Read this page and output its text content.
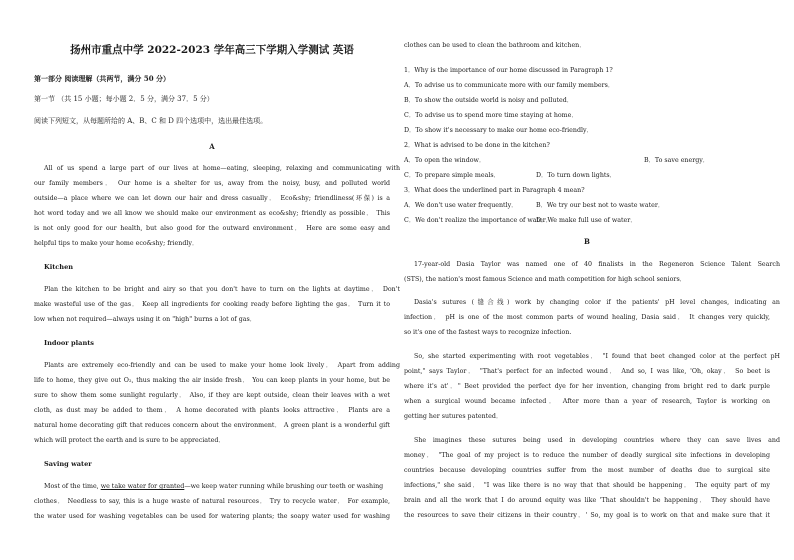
扬州市重点中学 2022-2023 学年高三下学期入学测试 英语
第一部分 阅读理解（共两节，满分 50 分）
第一节 （共 15 小题；每小题 2．5 分，满分 37．5 分）
阅读下列短文，从每题所给的 A、B、C 和 D 四个选项中，选出最佳选项。
A
All of us spend a large part of our lives at home—eating, sleeping, relaxing and communicating with
our family members． Our home is a shelter for us, away from the noisy, busy, and polluted world
outside—a place where we can let down our hair and dress casually． Eco&shy; friendliness(环保) is a
hot word today and we all know we should make our environment as eco&shy; friendly as possible． This
is not only good for our health, but also good for the outward environment． Here are some easy and
helpful tips to make your home eco&shy; friendly．
Kitchen
Plan the kitchen to be bright and airy so that you don't have to turn on the lights at daytime． Don't
make wasteful use of the gas． Keep all ingredients for cooking ready before lighting the gas． Turn it to
low when not required—always using it on "high" burns a lot of gas．
Indoor plants
Plants are extremely eco-friendly and can be used to make your home look lively． Apart from adding
life to home, they give out O₂, thus making the air inside fresh． You can keep plants in your home, but be
sure to show them some sunlight regularly． Also, if they are kept outside, clean their leaves with a wet
cloth, as dust may be added to them． A home decorated with plants looks attractive． Plants are a
natural home decorating gift that reduces concern about the environment． A green plant is a wonderful gift
which will protect the earth and is sure to be appreciated．
Saving water
Most of the time, we take water for granted—we keep water running while brushing our teeth or washing
clothes． Needless to say, this is a huge waste of natural resources． Try to recycle water． For example,
the water used for washing vegetables can be used for watering plants; the soapy water used for washing
clothes can be used to clean the bathroom and kitchen．
1．Why is the importance of our home discussed in Paragraph 1?
A．To advise us to communicate more with our family members．
B．To show the outside world is noisy and polluted．
C．To advise us to spend more time staying at home．
D．To show it's necessary to make our home eco-friendly．
2．What is advised to be done in the kitchen?
A．To open the window．	B．To save energy．
C．To prepare simple meals．	D．To turn down lights．
3．What does the underlined part in Paragraph 4 mean?
A．We don't use water frequently．	B．We try our best not to waste water．
C．We don't realize the importance of water．
D．We make full use of water．
B
17-year-old Dasia Taylor was named one of 40 finalists in the Regeneron Science Talent Search
(STS), the nation's most famous Science and math competition for high school seniors．
Dasia's sutures (缝合线) work by changing color if the patients' pH level changes, indicating an
infection． pH is one of the most common parts of wound healing, Dasia said． It changes very quickly,
so it's one of the fastest ways to recognize infection.
So, she started experimenting with root vegetables． "I found that beet changed color at the perfect pH
point," says Taylor． "That's perfect for an infected wound． And so, I was like, 'Oh, okay． So beet is
where it's at'．" Beet provided the perfect dye for her invention, changing from bright red to dark purple
when a surgical wound became infected． After more than a year of research, Taylor is working on
getting her sutures patented．
She imagines these sutures being used in developing countries where they can save lives and
money． "The goal of my project is to reduce the number of deadly surgical site infections in developing
countries because developing countries suffer from the most number of deaths due to surgical site
infections," she said． "I was like there is no way that that should be happening． The equity part of my
brain and all the work that I do around equity was like 'That shouldn't be happening． They should have
the resources to save their citizens in their country．' So, my goal is to work on that and make sure that it
